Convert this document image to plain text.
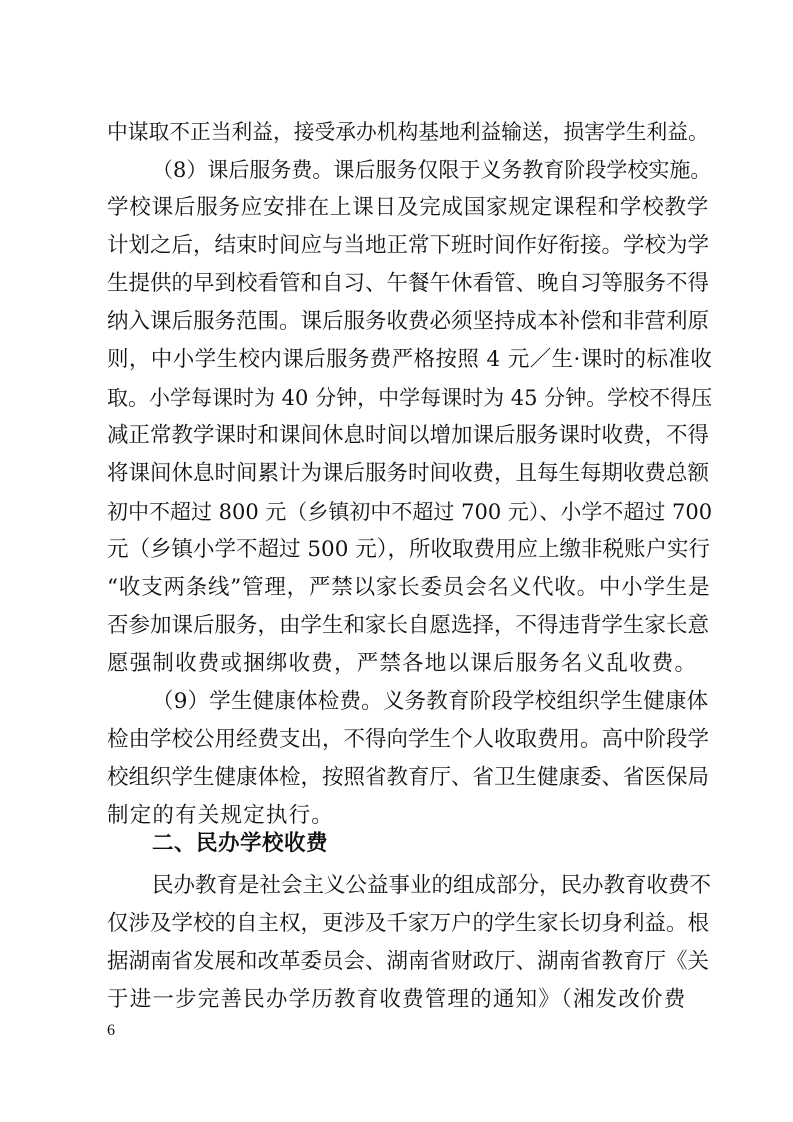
中谋取不正当利益，接受承办机构基地利益输送，损害学生利益。
（8）课后服务费。课后服务仅限于义务教育阶段学校实施。
学校课后服务应安排在上课日及完成国家规定课程和学校教学
计划之后，结束时间应与当地正常下班时间作好衔接。学校为学
生提供的早到校看管和自习、午餐午休看管、晚自习等服务不得
纳入课后服务范围。课后服务收费必须坚持成本补偿和非营利原
则，中小学生校内课后服务费严格按照 4 元／生·课时的标准收
取。小学每课时为 40 分钟，中学每课时为 45 分钟。学校不得压
减正常教学课时和课间休息时间以增加课后服务课时收费，不得
将课间休息时间累计为课后服务时间收费，且每生每期收费总额
初中不超过 800 元（乡镇初中不超过 700 元）、小学不超过 700
元（乡镇小学不超过 500 元），所收取费用应上缴非税账户实行
“收支两条线”管理，严禁以家长委员会名义代收。中小学生是
否参加课后服务，由学生和家长自愿选择，不得违背学生家长意
愿强制收费或捆绑收费，严禁各地以课后服务名义乱收费。
（9）学生健康体检费。义务教育阶段学校组织学生健康体
检由学校公用经费支出，不得向学生个人收取费用。高中阶段学
校组织学生健康体检，按照省教育厅、省卫生健康委、省医保局
制定的有关规定执行。
二、民办学校收费
民办教育是社会主义公益事业的组成部分，民办教育收费不
仅涉及学校的自主权，更涉及千家万户的学生家长切身利益。根
据湖南省发展和改革委员会、湖南省财政厅、湖南省教育厅《关
于进一步完善民办学历教育收费管理的通知》（湘发改价费
6
